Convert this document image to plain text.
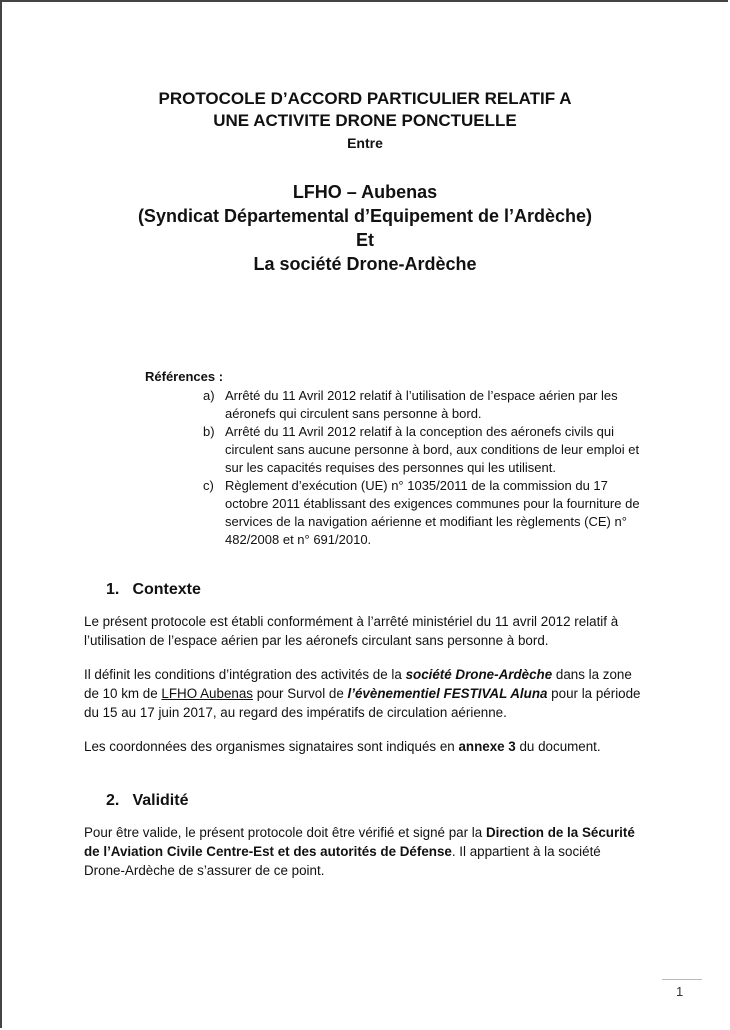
PROTOCOLE D’ACCORD PARTICULIER RELATIF A
UNE ACTIVITE DRONE PONCTUELLE
Entre
LFHO – Aubenas
(Syndicat Départemental d’Equipement de l’Ardèche)
Et
La société Drone-Ardèche
Références :
a) Arrêté du 11 Avril 2012 relatif à l’utilisation de l’espace aérien par les aéronefs qui circulent sans personne à bord.
b) Arrêté du 11 Avril 2012 relatif à la conception des aéronefs civils qui circulent sans aucune personne à bord, aux conditions de leur emploi et sur les capacités requises des personnes qui les utilisent.
c) Règlement d’exécution (UE) n° 1035/2011 de la commission du 17 octobre 2011 établissant des exigences communes pour la fourniture de services de la navigation aérienne et modifiant les règlements (CE) n° 482/2008 et n° 691/2010.
1. Contexte
Le présent protocole est établi conformément à l’arrêté ministériel du 11 avril 2012 relatif à l’utilisation de l’espace aérien par les aéronefs circulant sans personne à bord.
Il définit les conditions d’intégration des activités de la société Drone-Ardèche dans la zone de 10 km de LFHO Aubenas pour Survol de l’évènementiel FESTIVAL Aluna pour la période du 15 au 17 juin 2017, au regard des impératifs de circulation aérienne.
Les coordonnées des organismes signataires sont indiqués en annexe 3 du document.
2. Validité
Pour être valide, le présent protocole doit être vérifié et signé par la Direction de la Sécurité de l’Aviation Civile Centre-Est et des autorités de Défense. Il appartient à la société Drone-Ardèche de s’assurer de ce point.
1
